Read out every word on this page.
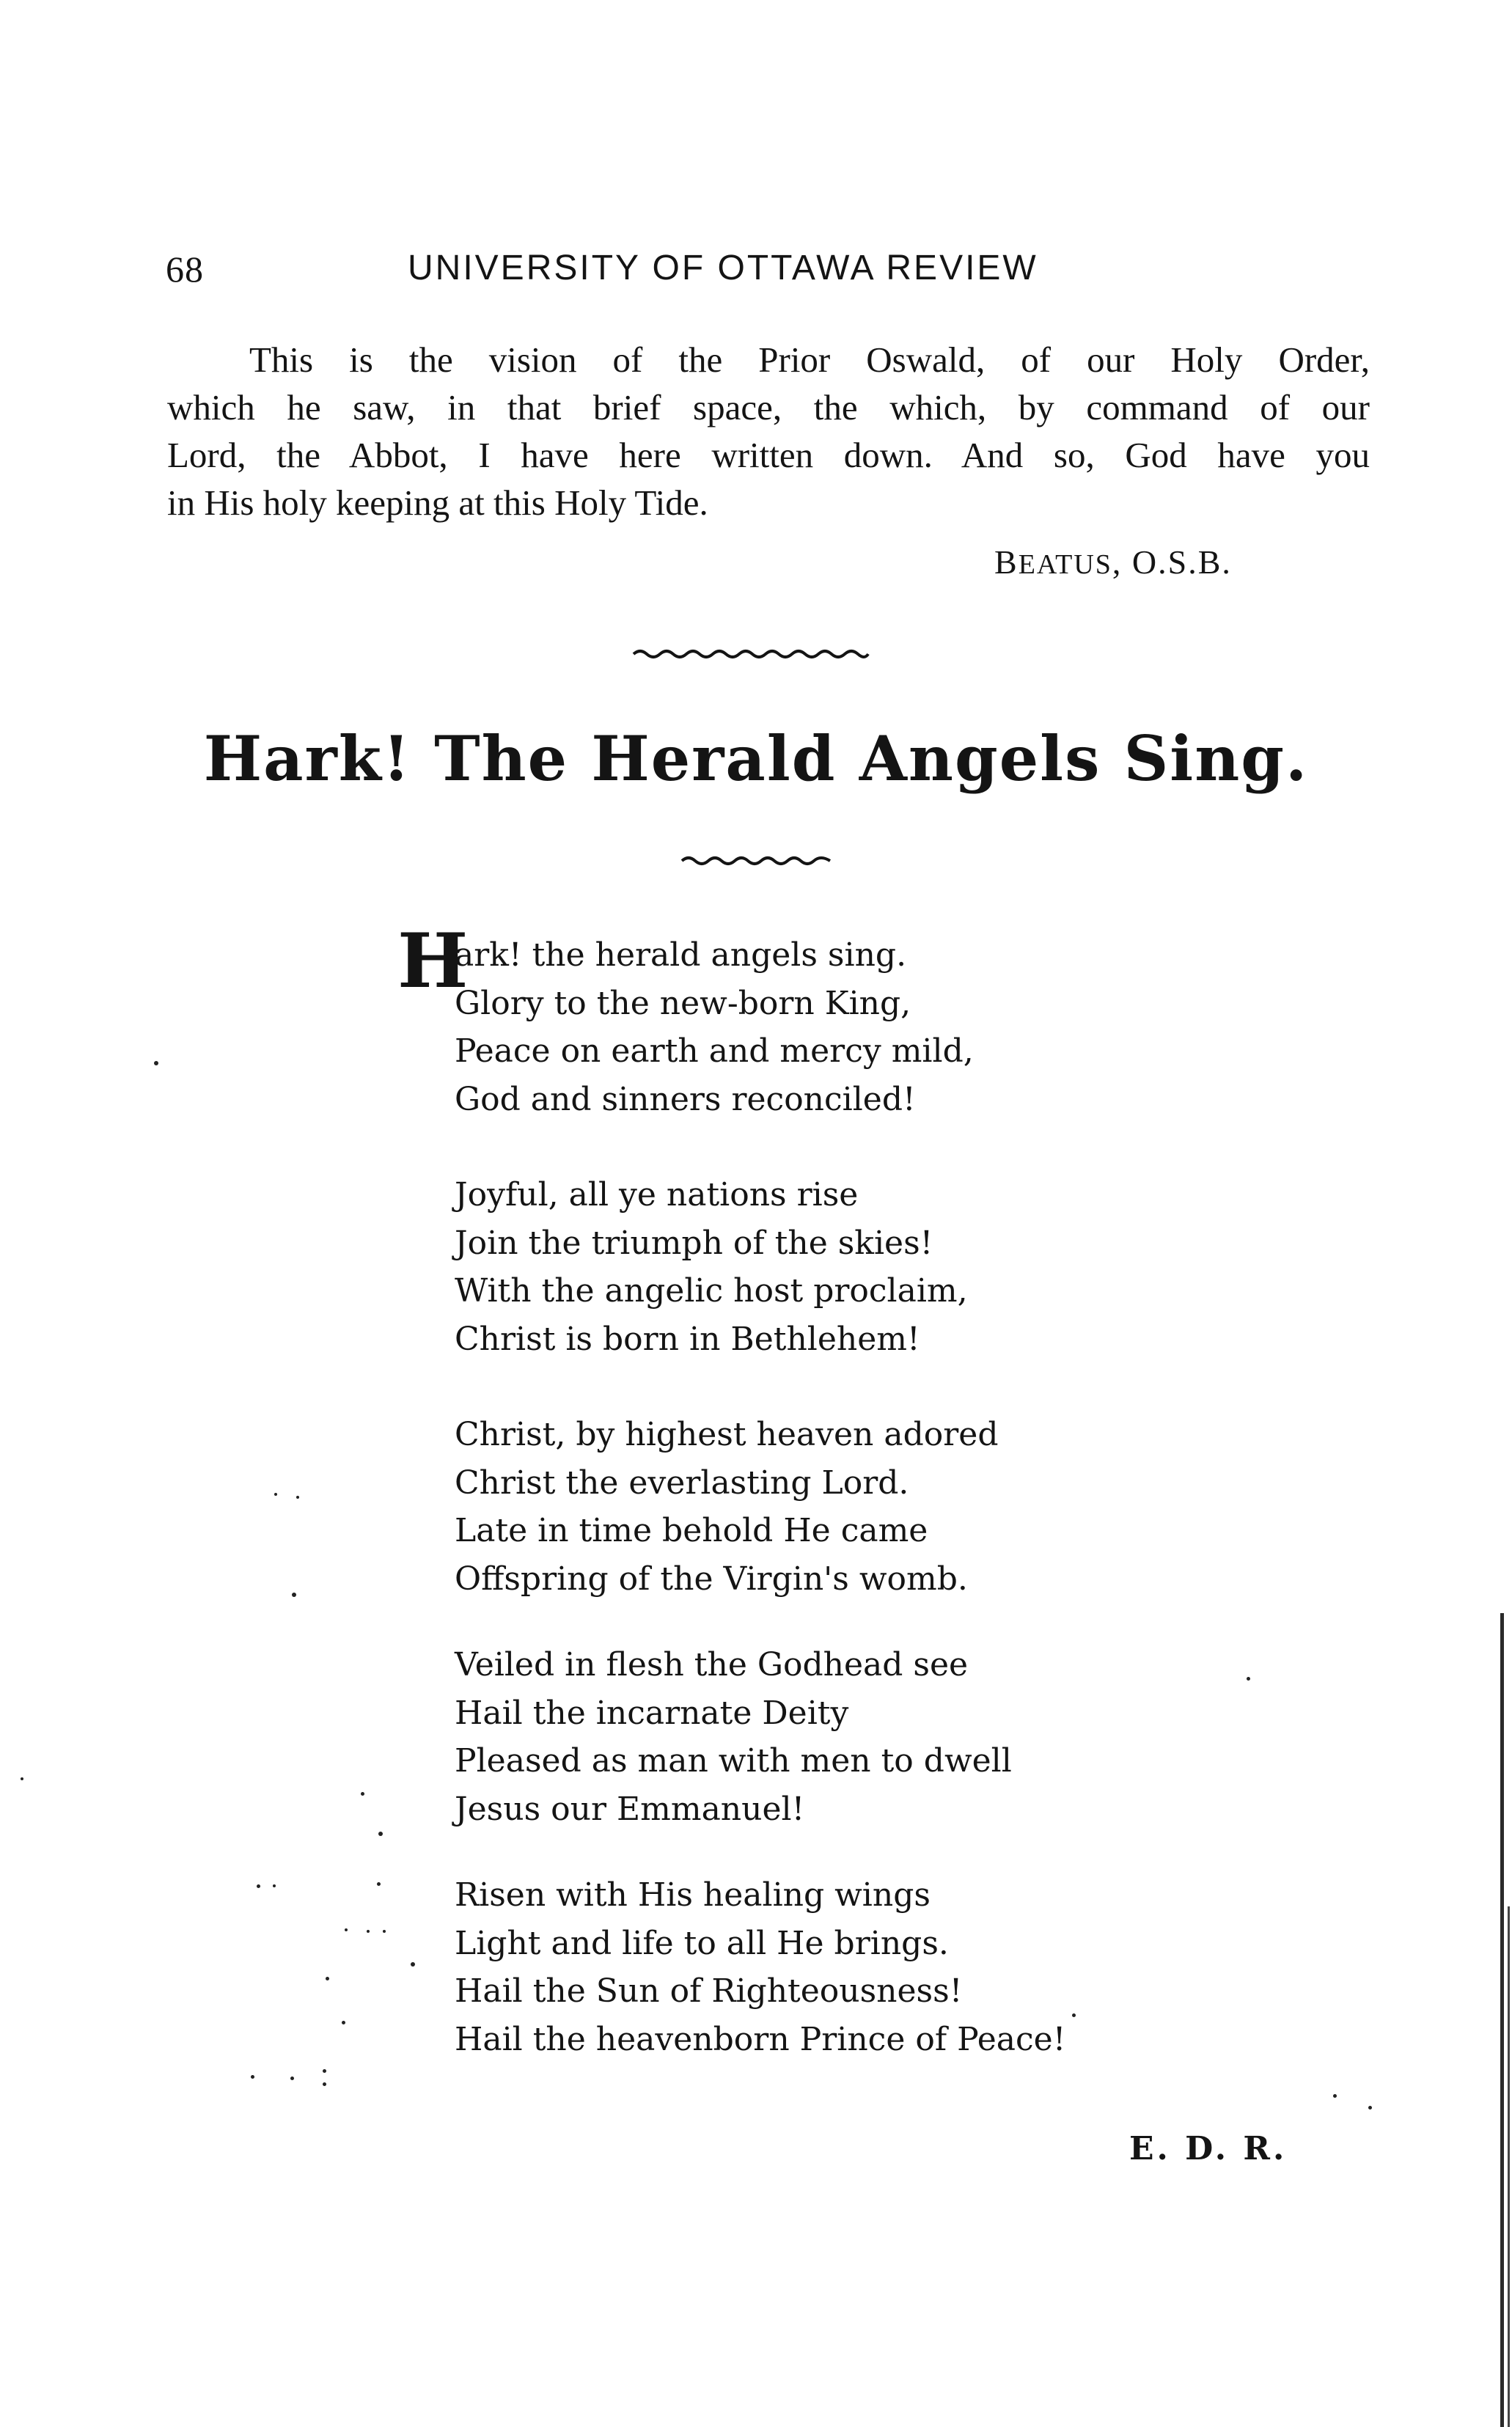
68	UNIVERSITY OF OTTAWA REVIEW
This is the vision of the Prior Oswald, of our Holy Order,
which he saw, in that brief space, the which, by command of our
Lord, the Abbot, I have here written down. And so, God have you
in His holy keeping at this Holy Tide.
BEATUS, O.S.B.
Hark! The Herald Angels Sing.
H
ark! the herald angels sing.
Glory to the new-born King,
Peace on earth and mercy mild,
God and sinners reconciled!
Joyful, all ye nations rise
Join the triumph of the skies!
With the angelic host proclaim,
Christ is born in Bethlehem!
Christ, by highest heaven adored
Christ the everlasting Lord.
Late in time behold He came
Offspring of the Virgin's womb.
Veiled in flesh the Godhead see
Hail the incarnate Deity
Pleased as man with men to dwell
Jesus our Emmanuel!
Risen with His healing wings
Light and life to all He brings.
Hail the Sun of Righteousness!
Hail the heavenborn Prince of Peace!
E. D. R.
